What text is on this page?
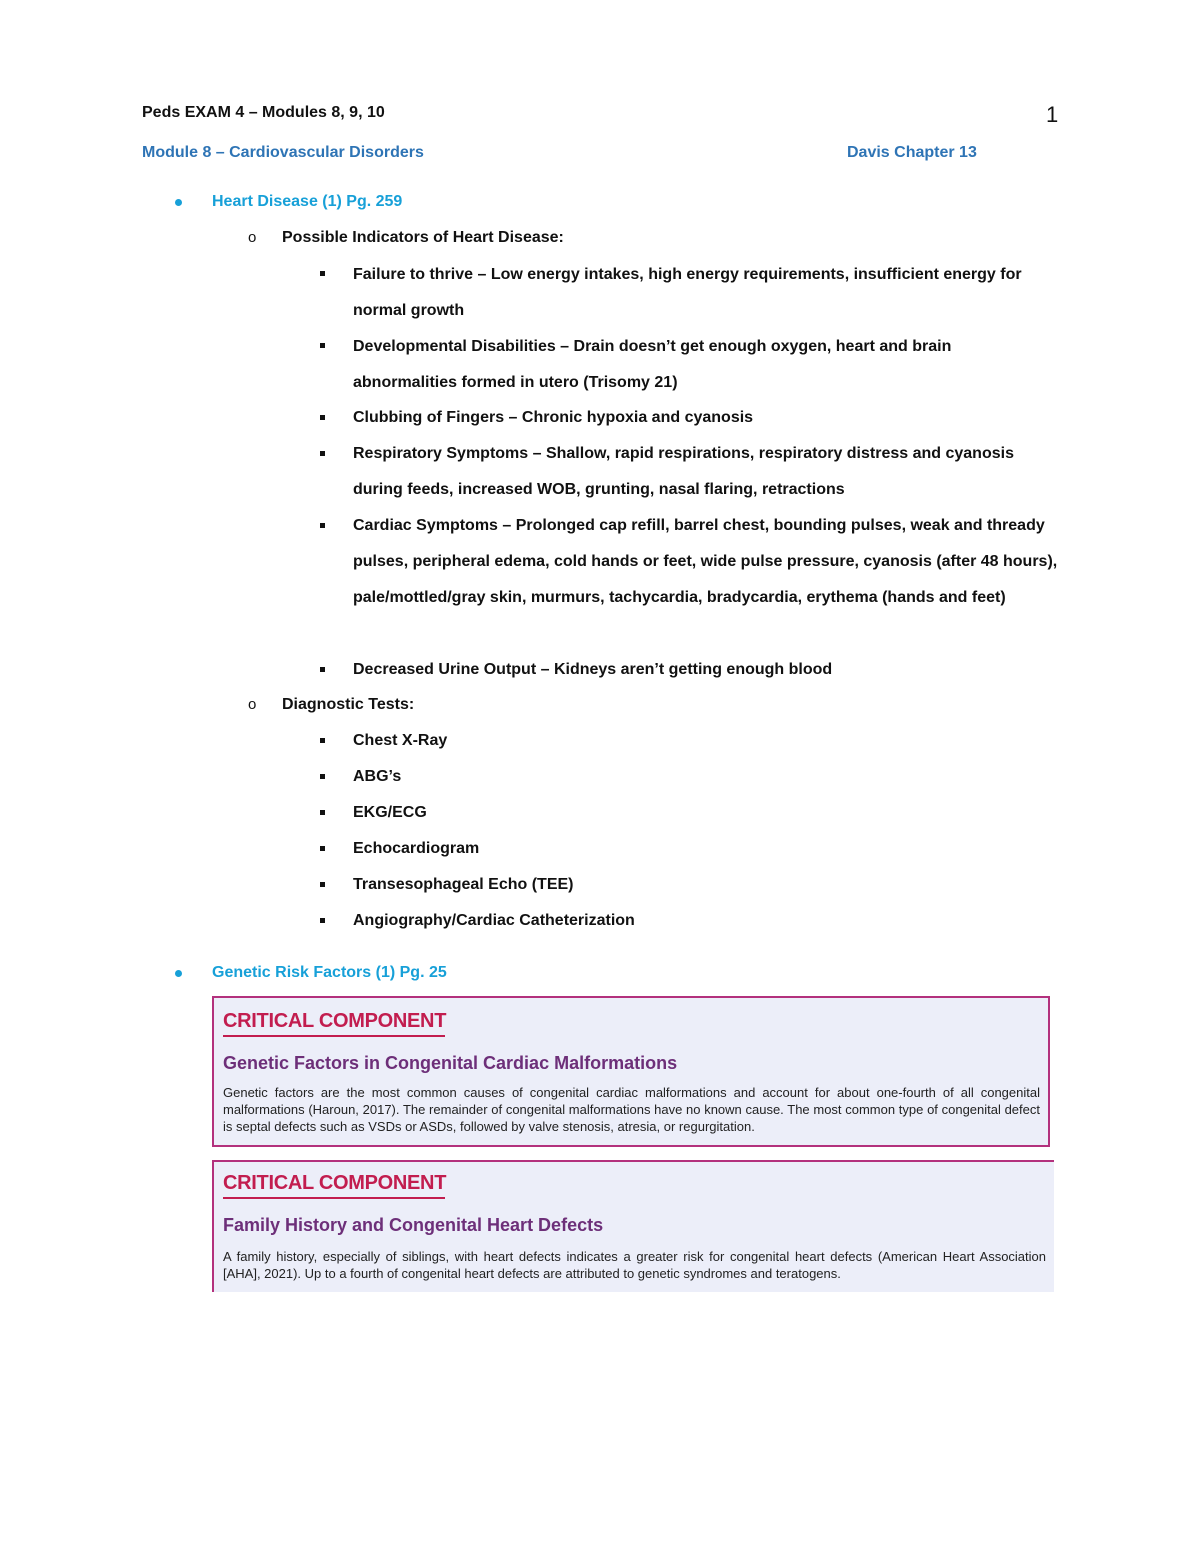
Peds EXAM 4 – Modules 8, 9, 10	1
Module 8 – Cardiovascular Disorders	Davis Chapter 13
Heart Disease (1) Pg. 259
o Possible Indicators of Heart Disease:
Failure to thrive – Low energy intakes, high energy requirements, insufficient energy for normal growth
Developmental Disabilities – Drain doesn’t get enough oxygen, heart and brain abnormalities formed in utero (Trisomy 21)
Clubbing of Fingers – Chronic hypoxia and cyanosis
Respiratory Symptoms – Shallow, rapid respirations, respiratory distress and cyanosis during feeds, increased WOB, grunting, nasal flaring, retractions
Cardiac Symptoms – Prolonged cap refill, barrel chest, bounding pulses, weak and thready pulses, peripheral edema, cold hands or feet, wide pulse pressure, cyanosis (after 48 hours), pale/mottled/gray skin, murmurs, tachycardia, bradycardia, erythema (hands and feet)
Decreased Urine Output – Kidneys aren’t getting enough blood
o Diagnostic Tests:
Chest X-Ray
ABG’s
EKG/ECG
Echocardiogram
Transesophageal Echo (TEE)
Angiography/Cardiac Catheterization
Genetic Risk Factors (1) Pg. 25
CRITICAL COMPONENT
Genetic Factors in Congenital Cardiac Malformations
Genetic factors are the most common causes of congenital cardiac malformations and account for about one-fourth of all congenital malformations (Haroun, 2017). The remainder of congenital malformations have no known cause. The most common type of congenital defect is septal defects such as VSDs or ASDs, followed by valve stenosis, atresia, or regurgitation.
CRITICAL COMPONENT
Family History and Congenital Heart Defects
A family history, especially of siblings, with heart defects indicates a greater risk for congenital heart defects (American Heart Association [AHA], 2021). Up to a fourth of congenital heart defects are attributed to genetic syndromes and teratogens.
